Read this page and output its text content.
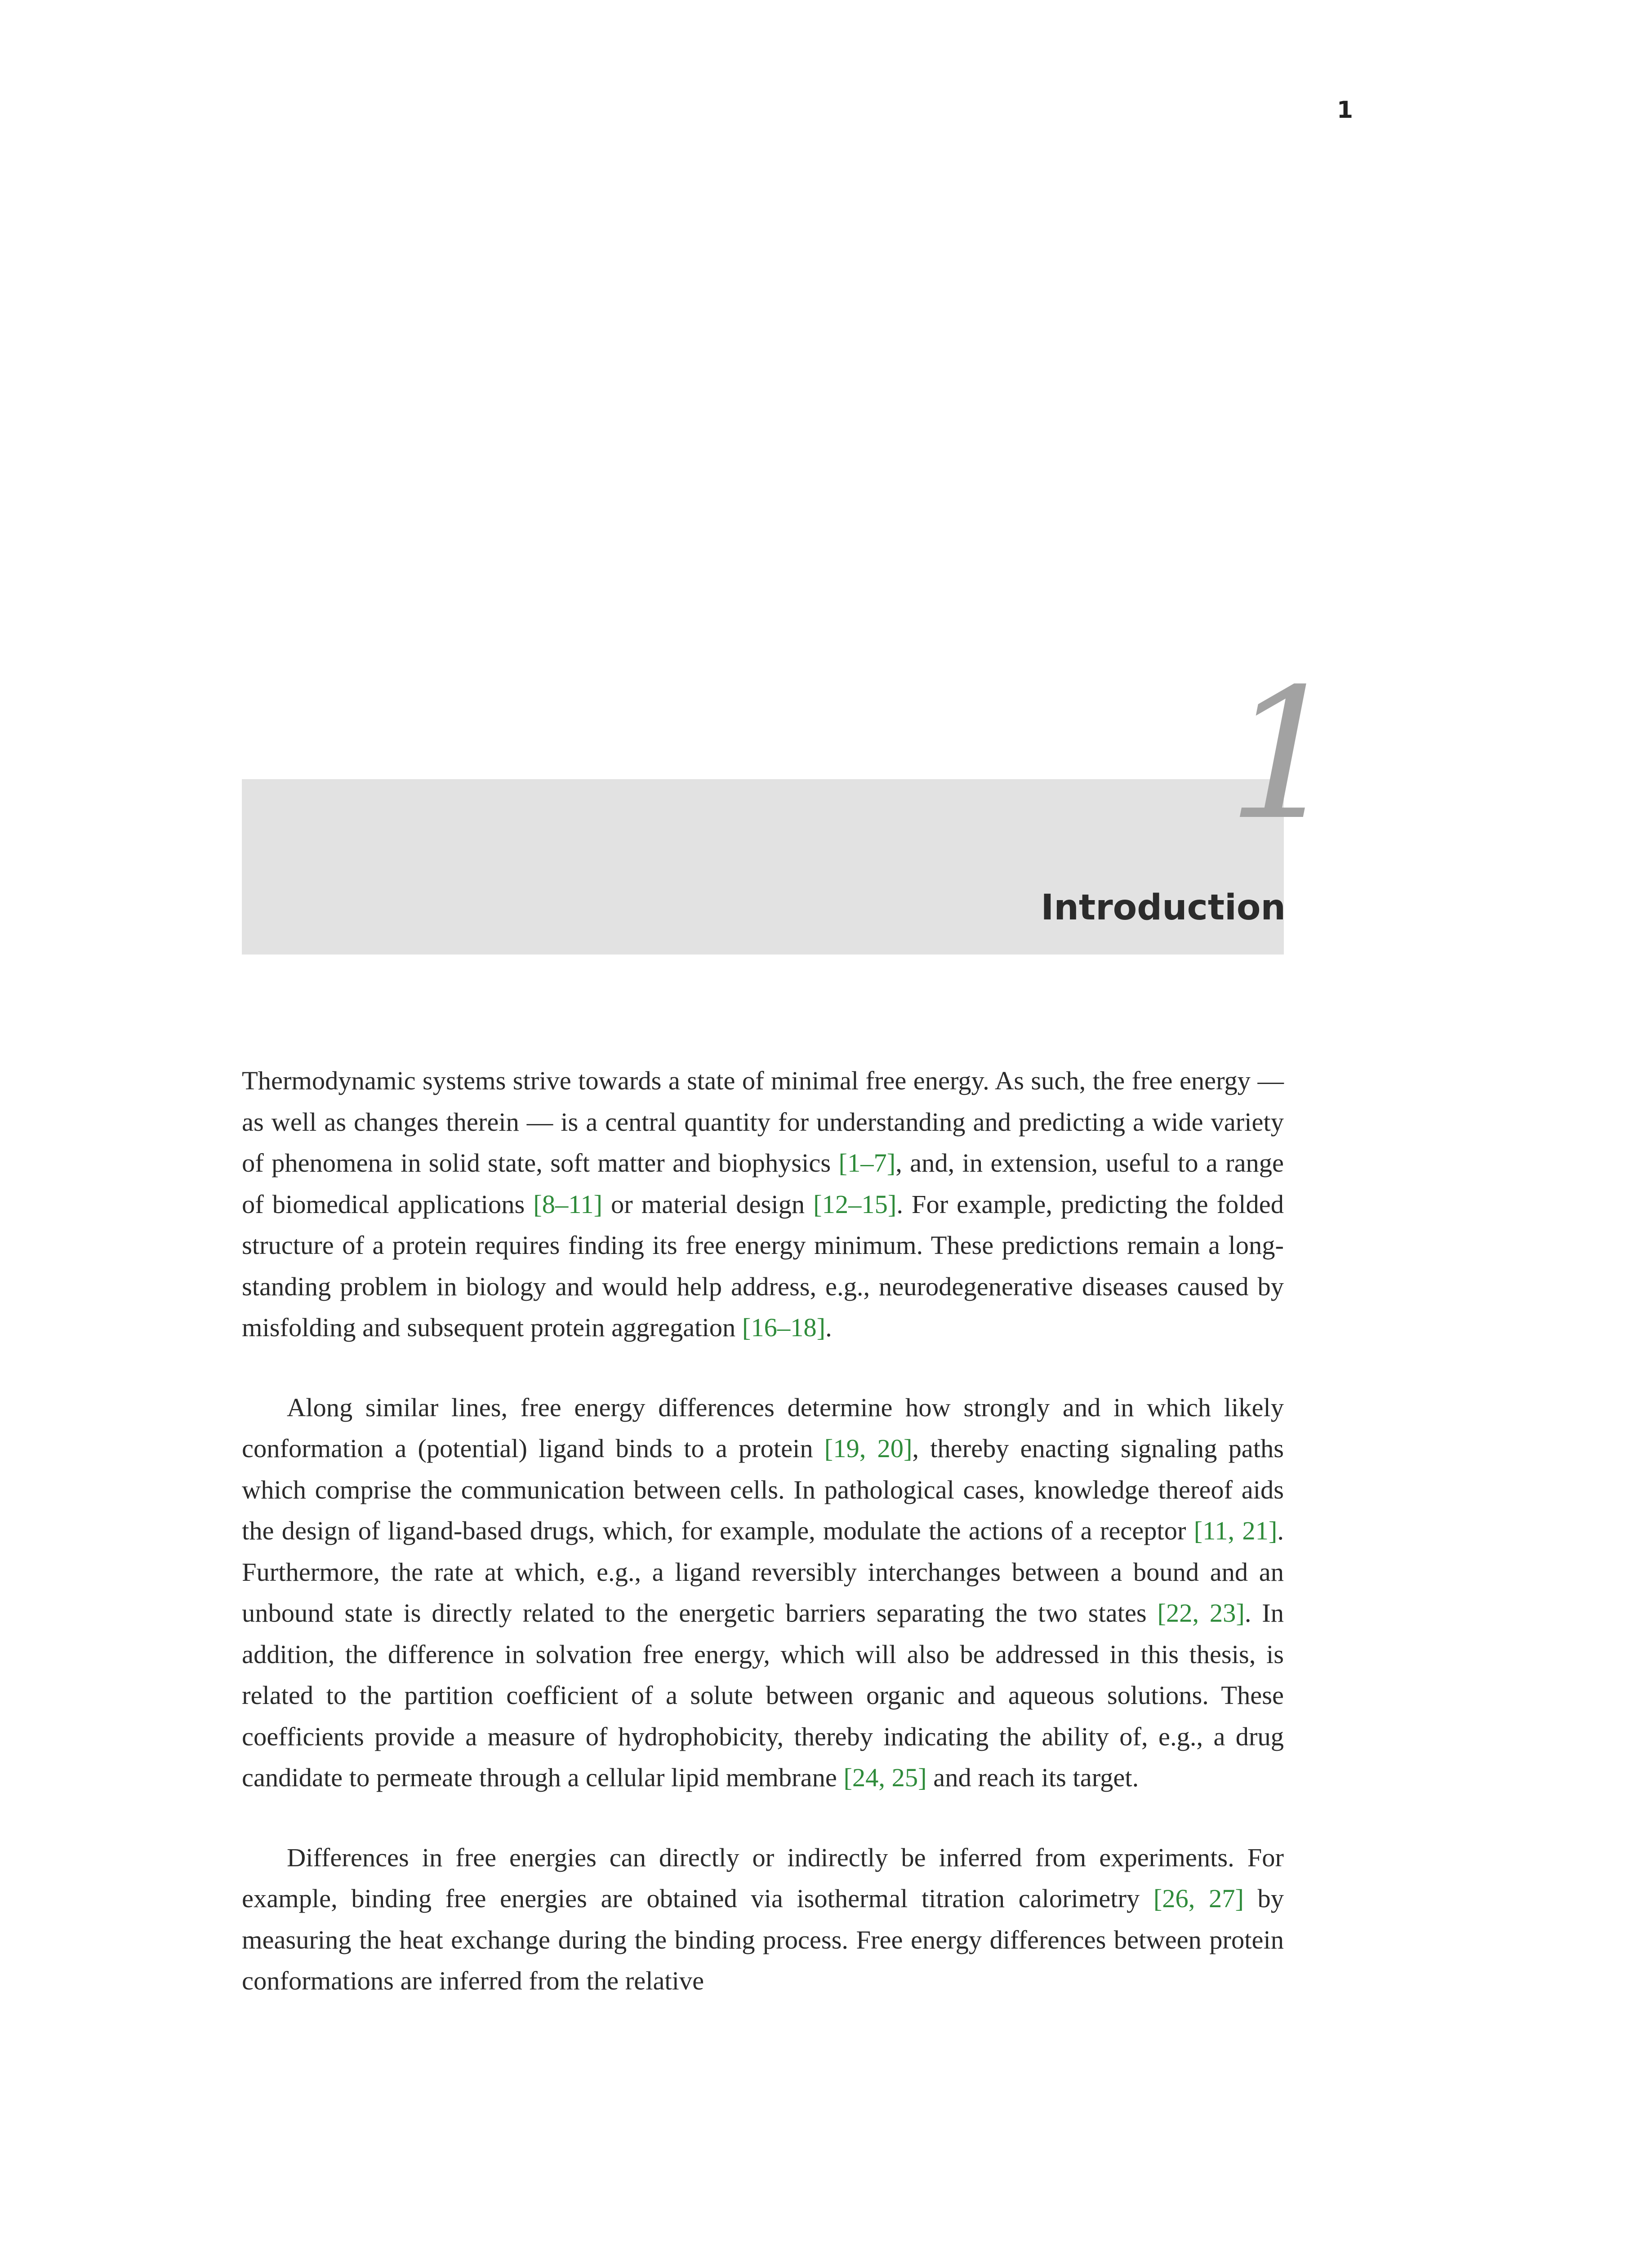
1
1
Introduction

Thermodynamic systems strive towards a state of minimal free energy. As such, the free energy — as well as changes therein — is a central quantity for understanding and predicting a wide variety of phenomena in solid state, soft matter and biophysics [1–7], and, in extension, useful to a range of biomedical applications [8–11] or material design [12–15]. For example, predicting the folded structure of a protein requires finding its free energy minimum. These predictions remain a long-standing problem in biology and would help address, e.g., neurodegenerative diseases caused by misfolding and subsequent protein aggregation [16–18].

Along similar lines, free energy differences determine how strongly and in which likely conformation a (potential) ligand binds to a protein [19, 20], thereby enacting signaling paths which comprise the communication between cells. In pathological cases, knowledge thereof aids the design of ligand-based drugs, which, for example, modulate the actions of a receptor [11, 21]. Furthermore, the rate at which, e.g., a ligand reversibly interchanges between a bound and an unbound state is directly related to the energetic barriers separating the two states [22, 23]. In addition, the difference in solvation free energy, which will also be addressed in this thesis, is related to the partition coefficient of a solute between organic and aqueous solutions. These coefficients provide a measure of hydrophobicity, thereby indicating the ability of, e.g., a drug candidate to permeate through a cellular lipid membrane [24, 25] and reach its target.

Differences in free energies can directly or indirectly be inferred from experiments. For example, binding free energies are obtained via isothermal titration calorimetry [26, 27] by measuring the heat exchange during the binding process. Free energy differences between protein conformations are inferred from the relative
